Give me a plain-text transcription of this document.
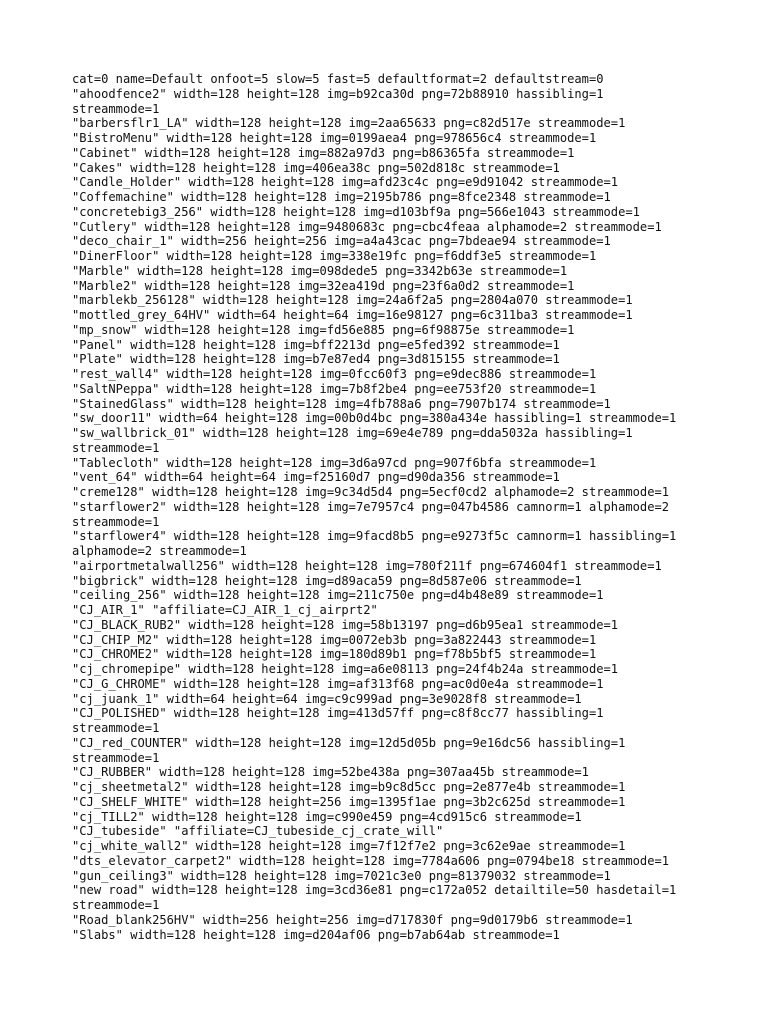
cat=0 name=Default onfoot=5 slow=5 fast=5 defaultformat=2 defaultstream=0
"ahoodfence2" width=128 height=128 img=b92ca30d png=72b88910 hassibling=1
streammode=1
"barbersflr1_LA" width=128 height=128 img=2aa65633 png=c82d517e streammode=1
"BistroMenu" width=128 height=128 img=0199aea4 png=978656c4 streammode=1
"Cabinet" width=128 height=128 img=882a97d3 png=b86365fa streammode=1
"Cakes" width=128 height=128 img=406ea38c png=502d818c streammode=1
"Candle_Holder" width=128 height=128 img=afd23c4c png=e9d91042 streammode=1
"Coffemachine" width=128 height=128 img=2195b786 png=8fce2348 streammode=1
"concretebig3_256" width=128 height=128 img=d103bf9a png=566e1043 streammode=1
"Cutlery" width=128 height=128 img=9480683c png=cbc4feaa alphamode=2 streammode=1
"deco_chair_1" width=256 height=256 img=a4a43cac png=7bdeae94 streammode=1
"DinerFloor" width=128 height=128 img=338e19fc png=f6ddf3e5 streammode=1
"Marble" width=128 height=128 img=098dede5 png=3342b63e streammode=1
"Marble2" width=128 height=128 img=32ea419d png=23f6a0d2 streammode=1
"marblekb_256128" width=128 height=128 img=24a6f2a5 png=2804a070 streammode=1
"mottled_grey_64HV" width=64 height=64 img=16e98127 png=6c311ba3 streammode=1
"mp_snow" width=128 height=128 img=fd56e885 png=6f98875e streammode=1
"Panel" width=128 height=128 img=bff2213d png=e5fed392 streammode=1
"Plate" width=128 height=128 img=b7e87ed4 png=3d815155 streammode=1
"rest_wall4" width=128 height=128 img=0fcc60f3 png=e9dec886 streammode=1
"SaltNPeppa" width=128 height=128 img=7b8f2be4 png=ee753f20 streammode=1
"StainedGlass" width=128 height=128 img=4fb788a6 png=7907b174 streammode=1
"sw_door11" width=64 height=128 img=00b0d4bc png=380a434e hassibling=1 streammode=1
"sw_wallbrick_01" width=128 height=128 img=69e4e789 png=dda5032a hassibling=1
streammode=1
"Tablecloth" width=128 height=128 img=3d6a97cd png=907f6bfa streammode=1
"vent_64" width=64 height=64 img=f25160d7 png=d90da356 streammode=1
"creme128" width=128 height=128 img=9c34d5d4 png=5ecf0cd2 alphamode=2 streammode=1
"starflower2" width=128 height=128 img=7e7957c4 png=047b4586 camnorm=1 alphamode=2
streammode=1
"starflower4" width=128 height=128 img=9facd8b5 png=e9273f5c camnorm=1 hassibling=1
alphamode=2 streammode=1
"airportmetalwall256" width=128 height=128 img=780f211f png=674604f1 streammode=1
"bigbrick" width=128 height=128 img=d89aca59 png=8d587e06 streammode=1
"ceiling_256" width=128 height=128 img=211c750e png=d4b48e89 streammode=1
"CJ_AIR_1" "affiliate=CJ_AIR_1_cj_airprt2"
"CJ_BLACK_RUB2" width=128 height=128 img=58b13197 png=d6b95ea1 streammode=1
"CJ_CHIP_M2" width=128 height=128 img=0072eb3b png=3a822443 streammode=1
"CJ_CHROME2" width=128 height=128 img=180d89b1 png=f78b5bf5 streammode=1
"cj_chromepipe" width=128 height=128 img=a6e08113 png=24f4b24a streammode=1
"CJ_G_CHROME" width=128 height=128 img=af313f68 png=ac0d0e4a streammode=1
"cj_juank_1" width=64 height=64 img=c9c999ad png=3e9028f8 streammode=1
"CJ_POLISHED" width=128 height=128 img=413d57ff png=c8f8cc77 hassibling=1
streammode=1
"CJ_red_COUNTER" width=128 height=128 img=12d5d05b png=9e16dc56 hassibling=1
streammode=1
"CJ_RUBBER" width=128 height=128 img=52be438a png=307aa45b streammode=1
"cj_sheetmetal2" width=128 height=128 img=b9c8d5cc png=2e877e4b streammode=1
"CJ_SHELF_WHITE" width=128 height=256 img=1395f1ae png=3b2c625d streammode=1
"cj_TILL2" width=128 height=128 img=c990e459 png=4cd915c6 streammode=1
"CJ_tubeside" "affiliate=CJ_tubeside_cj_crate_will"
"cj_white_wall2" width=128 height=128 img=7f12f7e2 png=3c62e9ae streammode=1
"dts_elevator_carpet2" width=128 height=128 img=7784a606 png=0794be18 streammode=1
"gun_ceiling3" width=128 height=128 img=7021c3e0 png=81379032 streammode=1
"new road" width=128 height=128 img=3cd36e81 png=c172a052 detailtile=50 hasdetail=1
streammode=1
"Road_blank256HV" width=256 height=256 img=d717830f png=9d0179b6 streammode=1
"Slabs" width=128 height=128 img=d204af06 png=b7ab64ab streammode=1
